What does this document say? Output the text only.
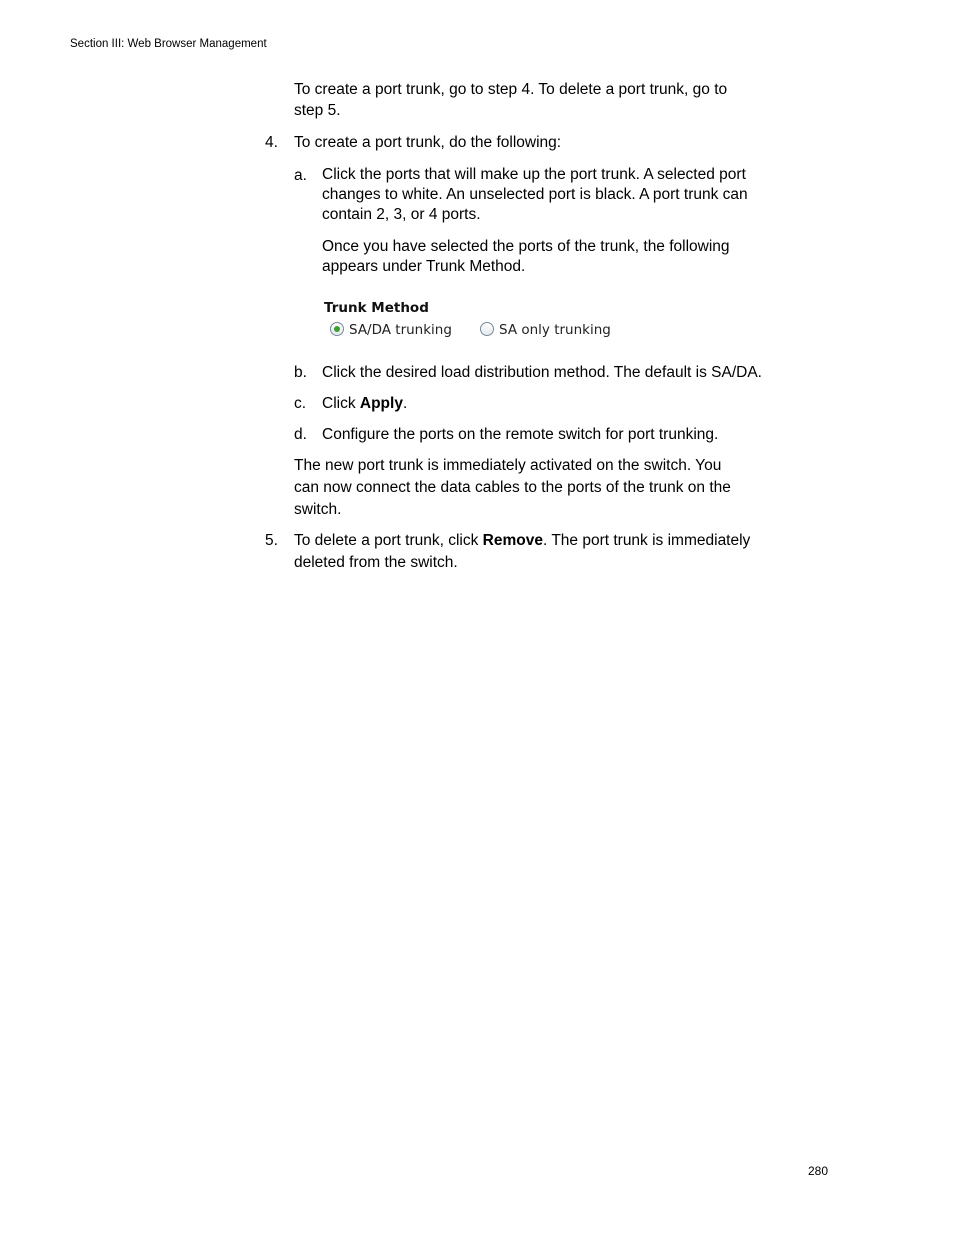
Section III: Web Browser Management
To create a port trunk, go to step 4. To delete a port trunk, go to
step 5.
4. To create a port trunk, do the following:
a. Click the ports that will make up the port trunk. A selected port
changes to white. An unselected port is black. A port trunk can
contain 2, 3, or 4 ports.
Once you have selected the ports of the trunk, the following
appears under Trunk Method.
Trunk Method
SA/DA trunking	SA only trunking
b. Click the desired load distribution method. The default is SA/DA.
c. Click Apply.
d. Configure the ports on the remote switch for port trunking.
The new port trunk is immediately activated on the switch. You
can now connect the data cables to the ports of the trunk on the
switch.
5. To delete a port trunk, click Remove. The port trunk is immediately
deleted from the switch.
280
